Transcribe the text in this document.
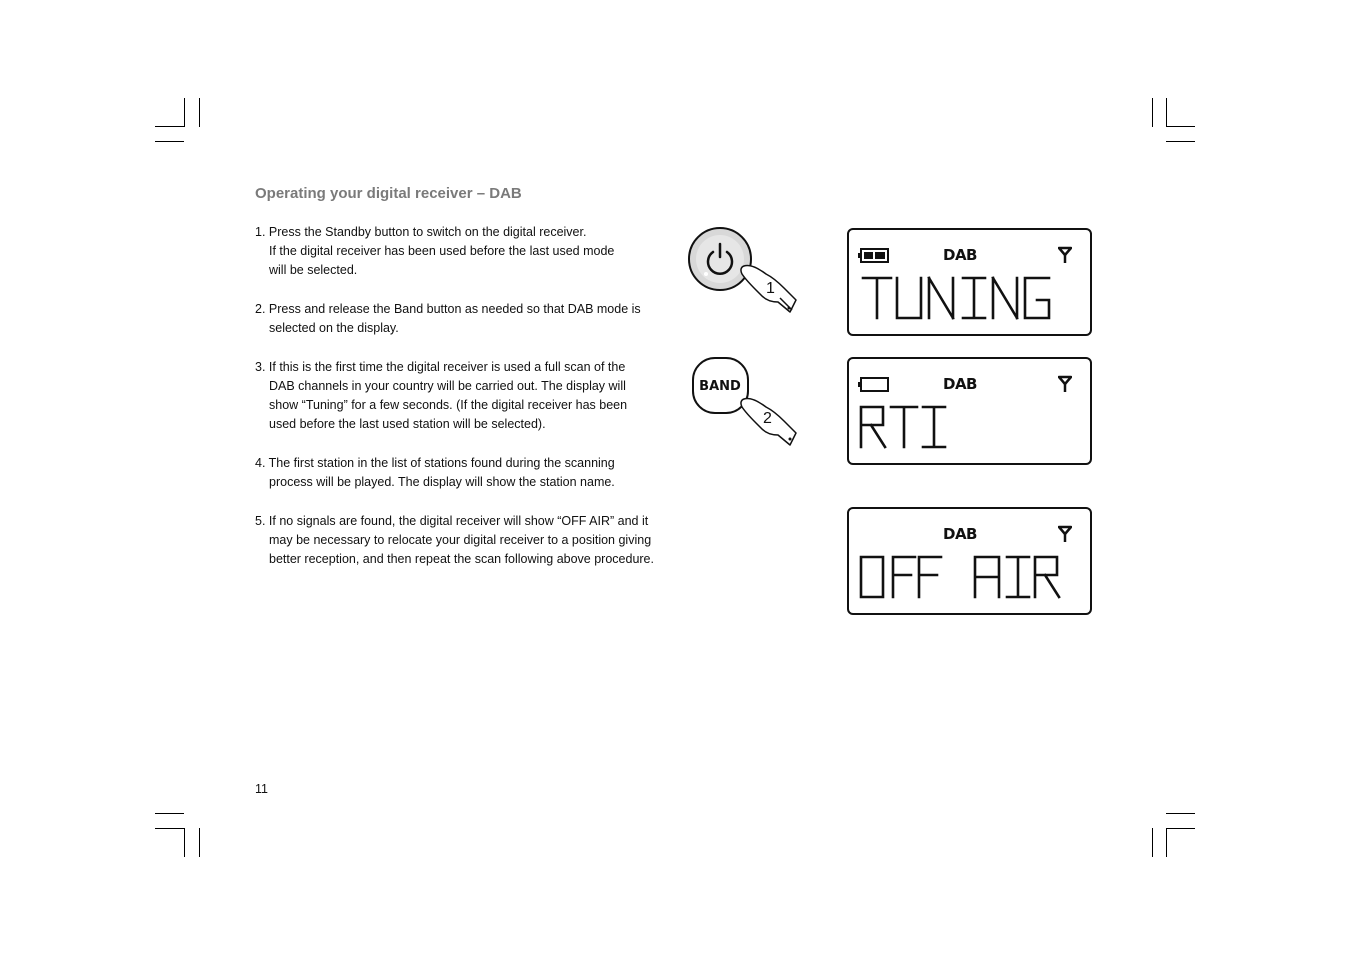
Operating your digital receiver – DAB
1. Press the Standby button to switch on the digital receiver.
If the digital receiver has been used before the last used mode
will be selected.
2. Press and release the Band button as needed so that DAB mode is
selected on the display.
3. If this is the first time the digital receiver is used a full scan of the
DAB channels in your country will be carried out. The display will
show “Tuning” for a few seconds. (If the digital receiver has been
used before the last used station will be selected).
4. The first station in the list of stations found during the scanning
process will be played. The display will show the station name.
5. If no signals are found, the digital receiver will show “OFF AIR” and it
may be necessary to relocate your digital receiver to a position giving
better reception, and then repeat the scan following above procedure.
1
BAND
2
DAB
DAB
DAB
11
